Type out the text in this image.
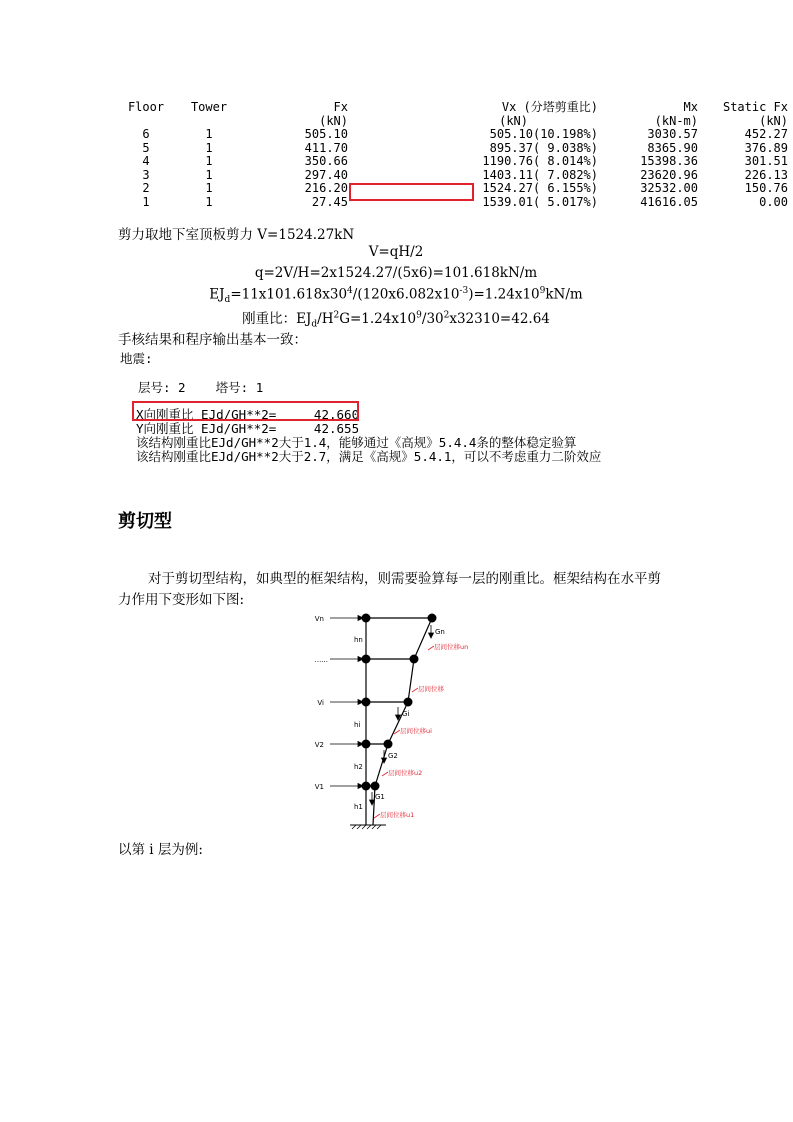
Floor	Tower	Fx	Vx (分塔剪重比)	Mx	Static Fx
		(kN)	(kN)	(kN-m)	(kN)
6	1	505.10	505.10(10.198%)	3030.57	452.27
5	1	411.70	895.37( 9.038%)	8365.90	376.89
4	1	350.66	1190.76( 8.014%)	15398.36	301.51
3	1	297.40	1403.11( 7.082%)	23620.96	226.13
2	1	216.20	1524.27( 6.155%)	32532.00	150.76
1	1	27.45	1539.01( 5.017%)	41616.05	0.00
剪力取地下室顶板剪力 V=1524.27kN
V=qH/2
q=2V/H=2x1524.27/(5x6)=101.618kN/m
$EJ_d=11x101.618x30^4/(120x6.082x10^{-3})=1.24x10^9kN/m$
刚重比：$EJ_d/H^2G=1.24x10^9/30^2x32310=42.64$
手核结果和程序输出基本一致：
地震:
层号: 2    塔号: 1
X向刚重比 EJd/GH**2=     42.660
Y向刚重比 EJd/GH**2=     42.655
该结构刚重比EJd/GH**2大于1.4，能够通过《高规》5.4.4条的整体稳定验算
该结构刚重比EJd/GH**2大于2.7，满足《高规》5.4.1，可以不考虑重力二阶效应
剪切型
对于剪切型结构，如典型的框架结构，则需要验算每一层的刚重比。框架结构在水平剪
力作用下变形如下图:
Vn
......
Vi
V2
V1
hn
hi
h2
h1
Gn
Gi
G2
G1
层间位移un
层间位移
层间位移ui
层间位移u2
层间位移u1
以第 i 层为例:
